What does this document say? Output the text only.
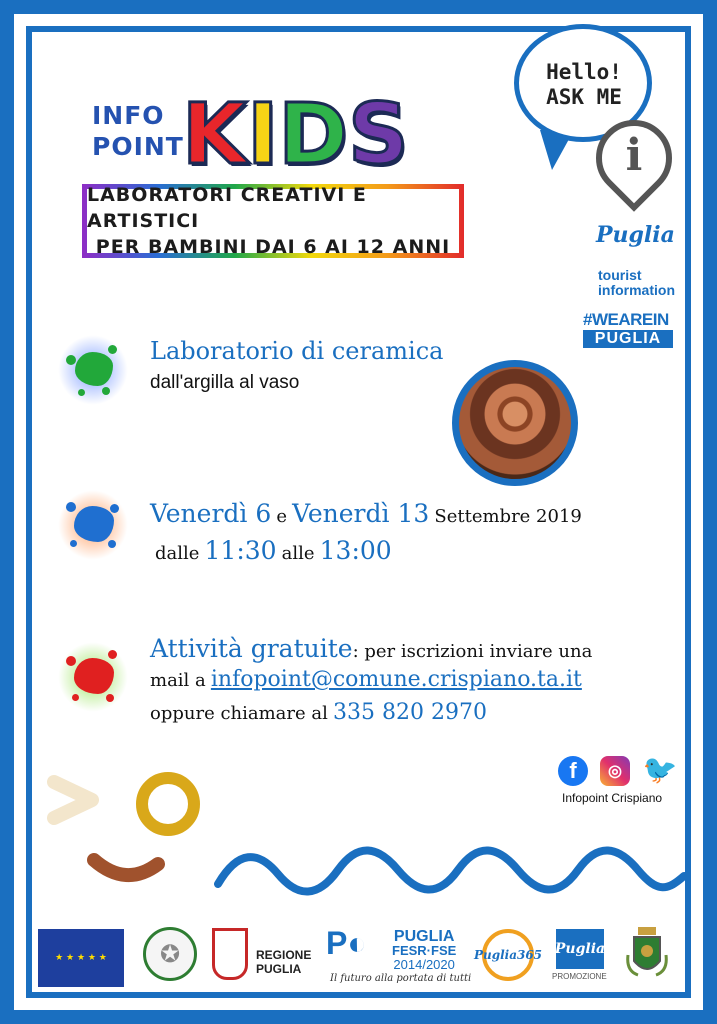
INFO
POINT
K I D S
LABORATORI CREATIVI E ARTISTICI
PER BAMBINI DAI 6 AI 12 ANNI
Hello!
ASK ME
i
Puglia
tourist
information
#WEAREIN
PUGLIA
Laboratorio di ceramica
dall'argilla al vaso
Venerdì 6 e Venerdì 13 Settembre 2019
dalle 11:30 alle 13:00
Attività gratuite: per iscrizioni inviare una
mail a infopoint@comune.crispiano.ta.it
oppure chiamare al 335 820 2970
f	◎ 🐦
Infopoint Crispiano
★ ★ ★ ★ ★	✪	REGIONE
PUGLIA
P◐ PUGLIA
FESR·FSE
2014/2020
Il futuro alla portata di tutti
Puglia365 Puglia
PROMOZIONE
